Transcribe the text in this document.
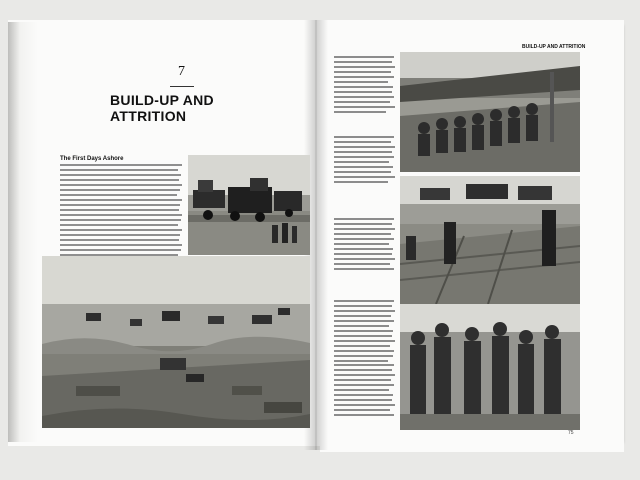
7
BUILD-UP AND ATTRITION
The First Days Ashore
BUILD-UP AND ATTRITION
75
